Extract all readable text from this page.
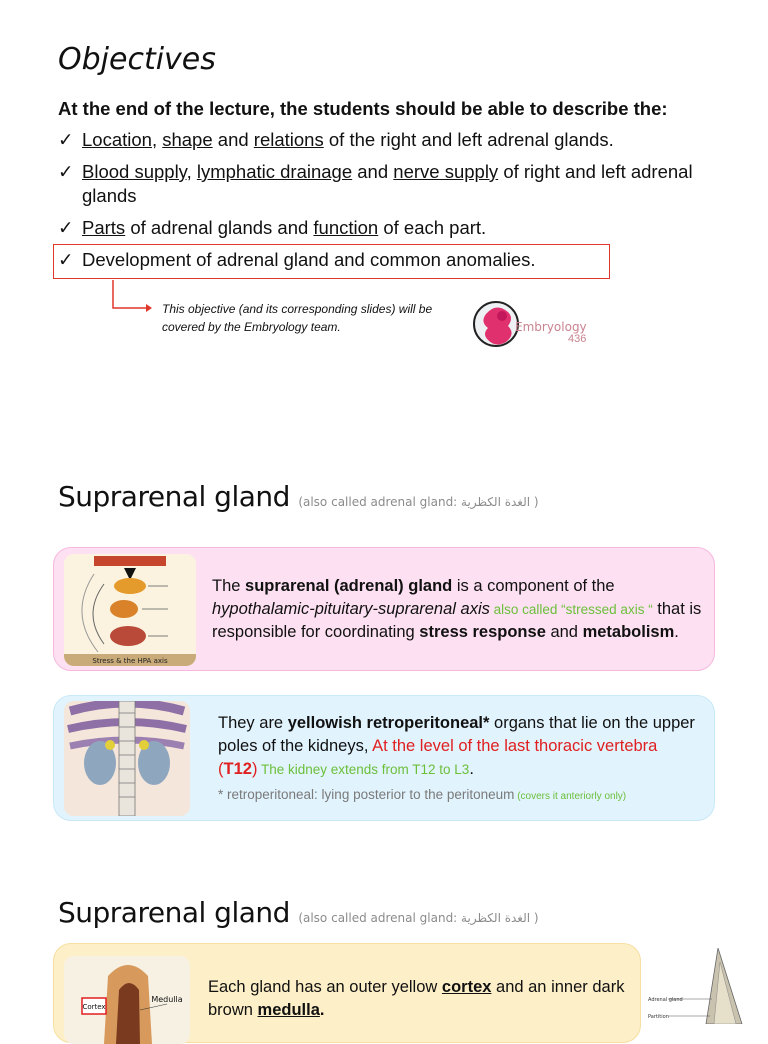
Objectives

At the end of the lecture, the students should be able to describe the:

✓ Location, shape and relations of the right and left adrenal glands.
✓ Blood supply, lymphatic drainage and nerve supply of right and left adrenal glands
✓ Parts of adrenal glands and function of each part.
✓ Development of adrenal gland and common anomalies.

This objective (and its corresponding slides) will be covered by the Embryology team.	Embryology
436
Suprarenal gland (also called adrenal gland: الغدة الكظرية )
Stress & the HPA axis

The suprarenal (adrenal) gland is a component of the hypothalamic-pituitary-suprarenal axis also called “stressed axis “ that is responsible for coordinating stress response and metabolism.

They are yellowish retroperitoneal* organs that lie on the upper poles of the kidneys, At the level of the last thoracic vertebra (T12) The kidney extends from T12 to L3.

* retroperitoneal: lying posterior to the peritoneum (covers it anteriorly only)

Suprarenal gland (also called adrenal gland: الغدة الكظرية )
Cortex
Medulla

Each gland has an outer yellow cortex and an inner dark brown medulla.

Adrenal gland
Partition
